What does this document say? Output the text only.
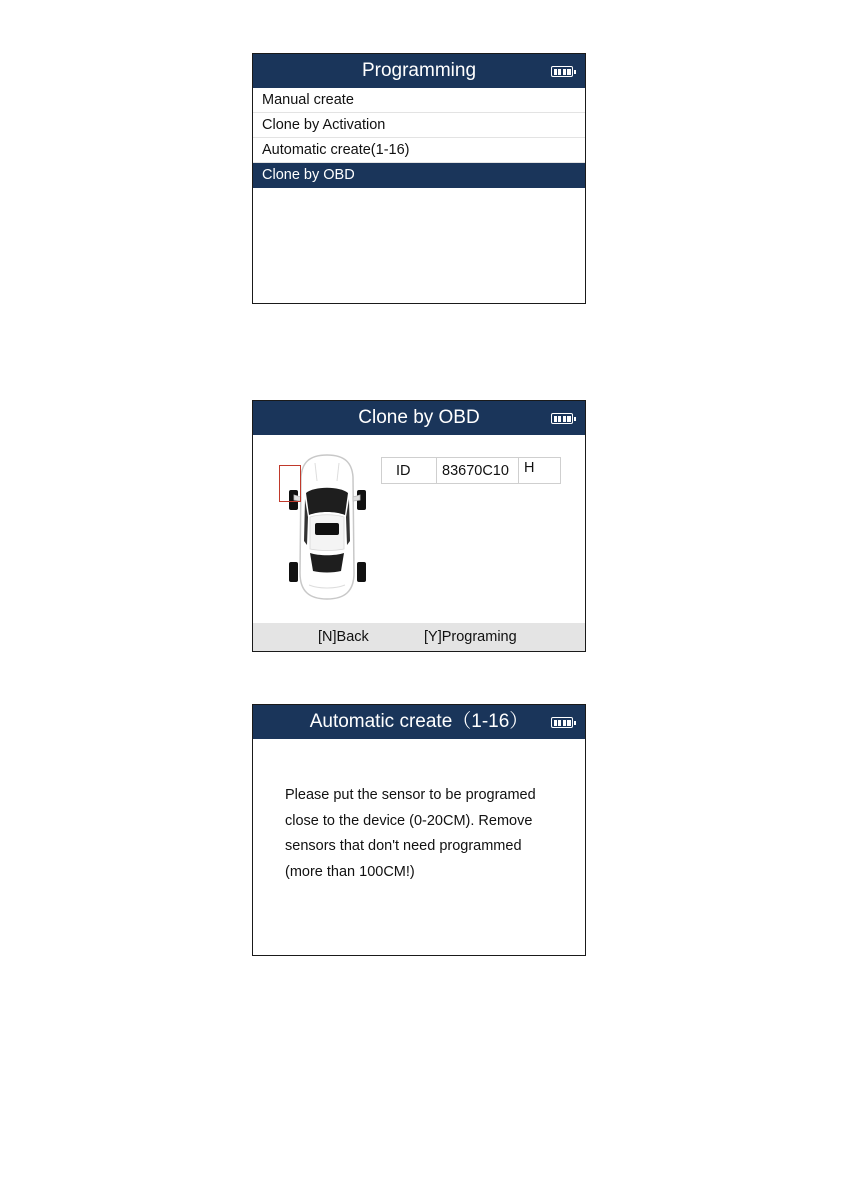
Programming
Manual create
Clone by Activation
Automatic create(1-16)
Clone by OBD
Clone by OBD
ID	83670C10	H
[N]Back	[Y]Programing
Automatic create（1-16）
Please put the sensor to be programed
close to the device (0-20CM). Remove
sensors that don't need programmed
(more than 100CM!)
